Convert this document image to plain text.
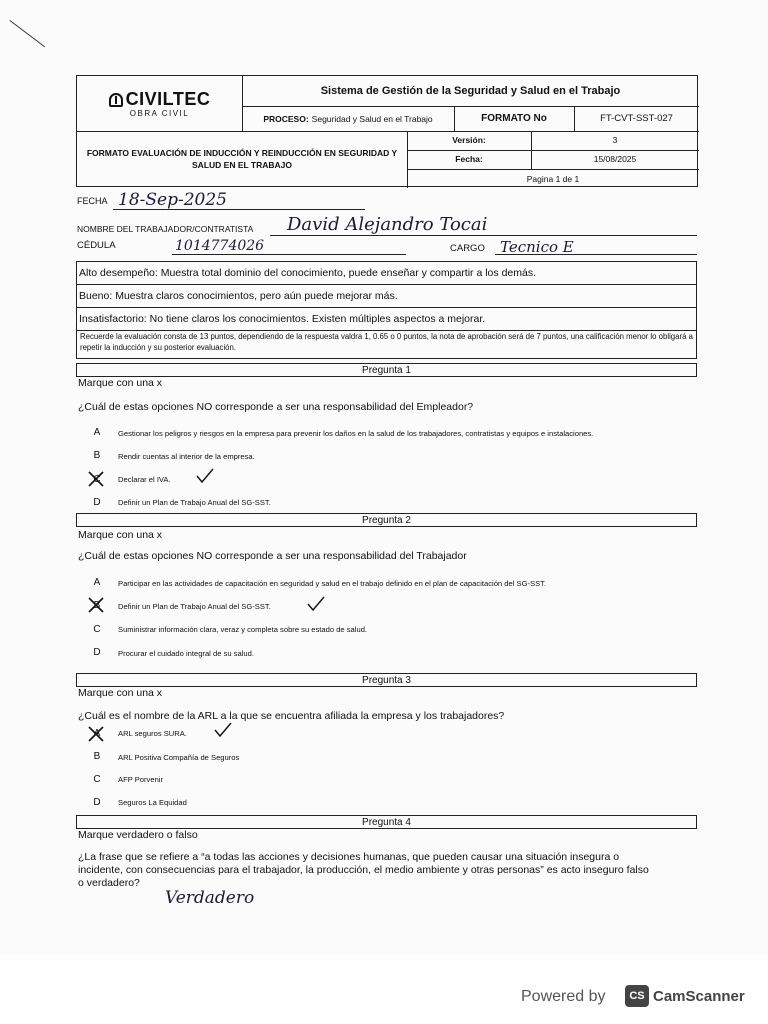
CIVILTEC
OBRA CIVIL
Sistema de Gestión de la Seguridad y Salud en el Trabajo
PROCESO: Seguridad y Salud en el Trabajo	FORMATO No	FT-CVT-SST-027
FORMATO EVALUACIÓN DE INDUCCIÓN Y REINDUCCIÓN EN SEGURIDAD Y SALUD EN EL TRABAJO
Versión:	3
Fecha:	15/08/2025
Pagina 1 de 1
FECHA 18-Sep-2025
NOMBRE DEL TRABAJADOR/CONTRATISTA David Alejandro Tocai
CÉDULA	1014774026	CARGO Tecnico E
Alto desempeño: Muestra total dominio del conocimiento, puede enseñar y compartir a los demás.
Bueno: Muestra claros conocimientos, pero aún puede mejorar más.
Insatisfactorio: No tiene claros los conocimientos. Existen múltiples aspectos a mejorar.
Recuerde la evaluación consta de 13 puntos, dependiendo de la respuesta valdra 1, 0.65 o 0 puntos, la nota de aprobación será de 7 puntos, una calificación menor lo obligará a repetir la inducción y su posterior evaluación.
Pregunta 1
Marque con una x
¿Cuál de estas opciones NO corresponde a ser una responsabilidad del Empleador?
A	Gestionar los peligros y riesgos en la empresa para prevenir los daños en la salud de los trabajadores, contratistas y equipos e instalaciones.
B	Rendir cuentas al interior de la empresa.
C	Declarar el IVA.
D	Definir un Plan de Trabajo Anual del SG-SST.
Pregunta 2
Marque con una x
¿Cuál de estas opciones NO corresponde a ser una responsabilidad del Trabajador
A	Participar en las actividades de capacitación en seguridad y salud en el trabajo definido en el plan de capacitación del SG-SST.
B	Definir un Plan de Trabajo Anual del SG-SST.
C	Suministrar información clara, veraz y completa sobre su estado de salud.
D	Procurar el cuidado integral de su salud.
Pregunta 3
Marque con una x
¿Cuál es el nombre de la ARL a la que se encuentra afiliada la empresa y los trabajadores?
A	ARL seguros SURA.
B	ARL Positiva Compañía de Seguros
C	AFP Porvenir
D	Seguros La Equidad
Pregunta 4
Marque verdadero o falso
¿La frase que se refiere a “a todas las acciones y decisiones humanas, que pueden causar una situación insegura o
incidente, con consecuencias para el trabajador, la producción, el medio ambiente y otras personas” es acto inseguro falso
o verdadero?
Verdadero
Powered by	CS CamScanner
